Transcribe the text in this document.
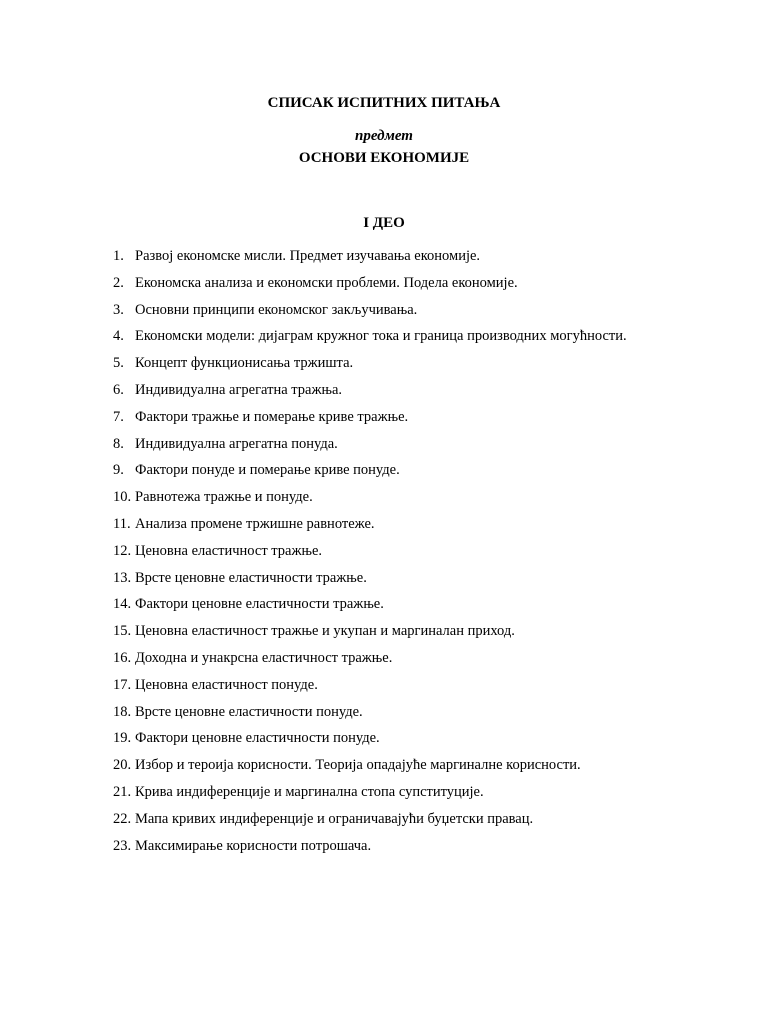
СПИСАК ИСПИТНИХ ПИТАЊА
предмет
ОСНОВИ ЕКОНОМИЈЕ
I ДЕО
1. Развој економске мисли. Предмет изучавања економије.
2. Економска анализа и економски проблеми. Подела економије.
3. Основни принципи економског закључивања.
4. Економски модели: дијаграм кружног тока и граница производних могућности.
5. Концепт функционисања тржишта.
6. Индивидуална агрегатна тражња.
7. Фактори тражње и померање криве тражње.
8. Индивидуална агрегатна понуда.
9. Фактори понуде и померање криве понуде.
10. Равнотежа тражње и понуде.
11. Анализа промене тржишне равнотеже.
12. Ценовна еластичност тражње.
13. Врсте ценовне еластичности тражње.
14. Фактори ценовне еластичности тражње.
15. Ценовна еластичност тражње и укупан и маргиналан приход.
16. Доходна и унакрсна еластичност тражње.
17. Ценовна еластичност понуде.
18. Врсте ценовне еластичности понуде.
19. Фактори ценовне еластичности понуде.
20. Избор и тероија корисности. Теорија опадајуће маргиналне корисности.
21. Крива индиференције и маргинална стопа супституције.
22. Мапа кривих индиференције и ограничавајући буџетски правац.
23. Максимирање корисности потрошача.
